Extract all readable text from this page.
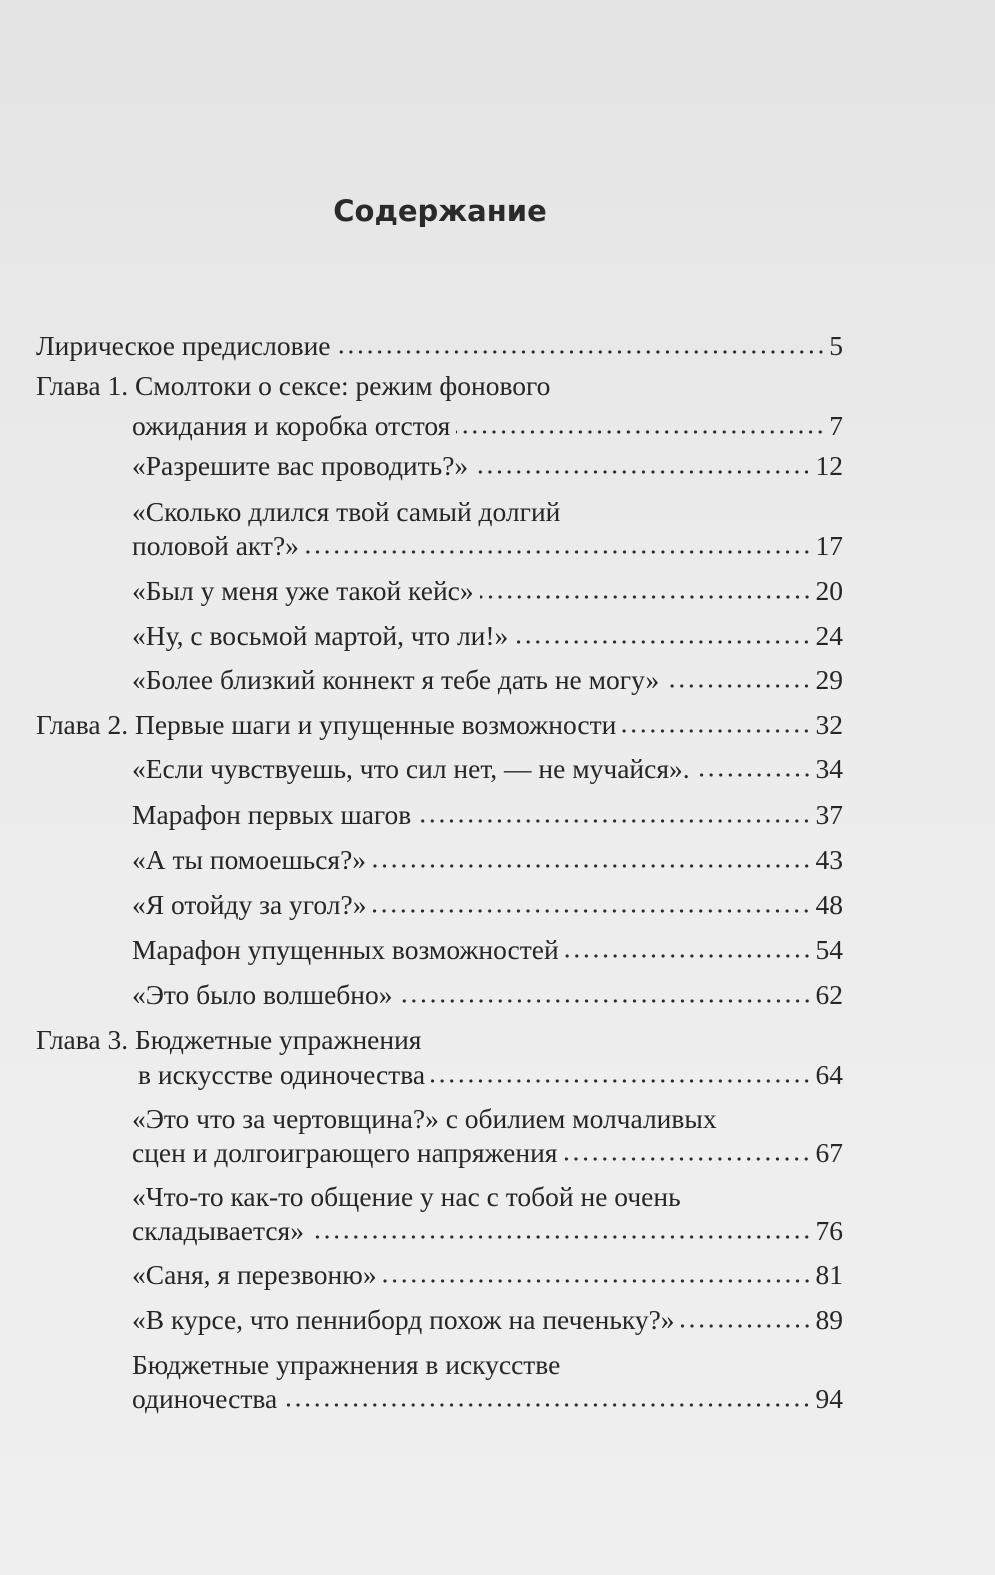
Содержание
Лирическое предисловие	5
Глава 1. Смолтоки о сексе: режим фонового
ожидания и коробка отстоя	7
«Разрешите вас проводить?»	12
«Сколько длился твой самый долгий
половой акт?»	17
«Был у меня уже такой кейс»	20
«Ну, с восьмой мартой, что ли!»	24
«Более близкий коннект я тебе дать не могу»	29
Глава 2. Первые шаги и упущенные возможности	32
«Если чувствуешь, что сил нет, — не мучайся».	34
Марафон первых шагов	37
«А ты помоешься?»	43
«Я отойду за угол?»	48
Марафон упущенных возможностей	54
«Это было волшебно»	62
Глава 3. Бюджетные упражнения
в искусстве одиночества	64
«Это что за чертовщина?» с обилием молчаливых
сцен и долгоиграющего напряжения	67
«Что-то как-то общение у нас с тобой не очень
складывается»	76
«Саня, я перезвоню»	81
«В курсе, что пенниборд похож на печеньку?»	89
Бюджетные упражнения в искусстве
одиночества	94
